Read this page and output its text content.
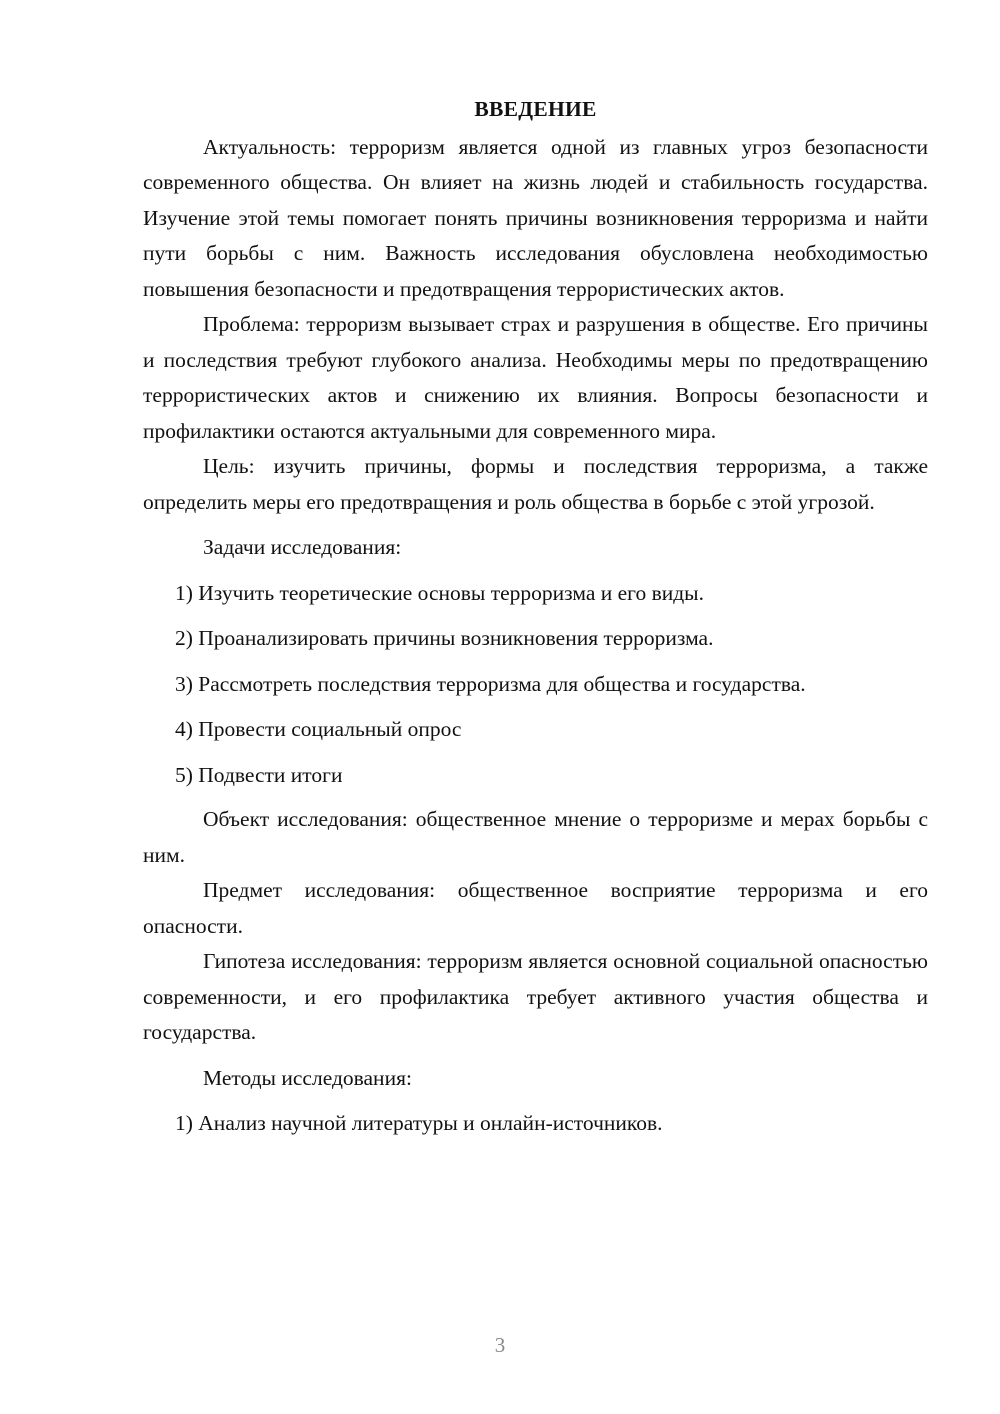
ВВЕДЕНИЕ

Актуальность: терроризм является одной из главных угроз безопасности современного общества. Он влияет на жизнь людей и стабильность государства. Изучение этой темы помогает понять причины возникновения терроризма и найти пути борьбы с ним. Важность исследования обусловлена необходимостью повышения безопасности и предотвращения террористических актов.

Проблема: терроризм вызывает страх и разрушения в обществе. Его причины и последствия требуют глубокого анализа. Необходимы меры по предотвращению террористических актов и снижению их влияния. Вопросы безопасности и профилактики остаются актуальными для современного мира.

Цель: изучить причины, формы и последствия терроризма, а также определить меры его предотвращения и роль общества в борьбе с этой угрозой.

Задачи исследования:

1) Изучить теоретические основы терроризма и его виды.
2) Проанализировать причины возникновения терроризма.
3) Рассмотреть последствия терроризма для общества и государства.
4) Провести социальный опрос
5) Подвести итоги

Объект исследования: общественное мнение о терроризме и мерах борьбы с ним.

Предмет исследования: общественное восприятие терроризма и его опасности.

Гипотеза исследования: терроризм является основной социальной опасностью современности, и его профилактика требует активного участия общества и государства.

Методы исследования:

1) Анализ научной литературы и онлайн-источников.
3
